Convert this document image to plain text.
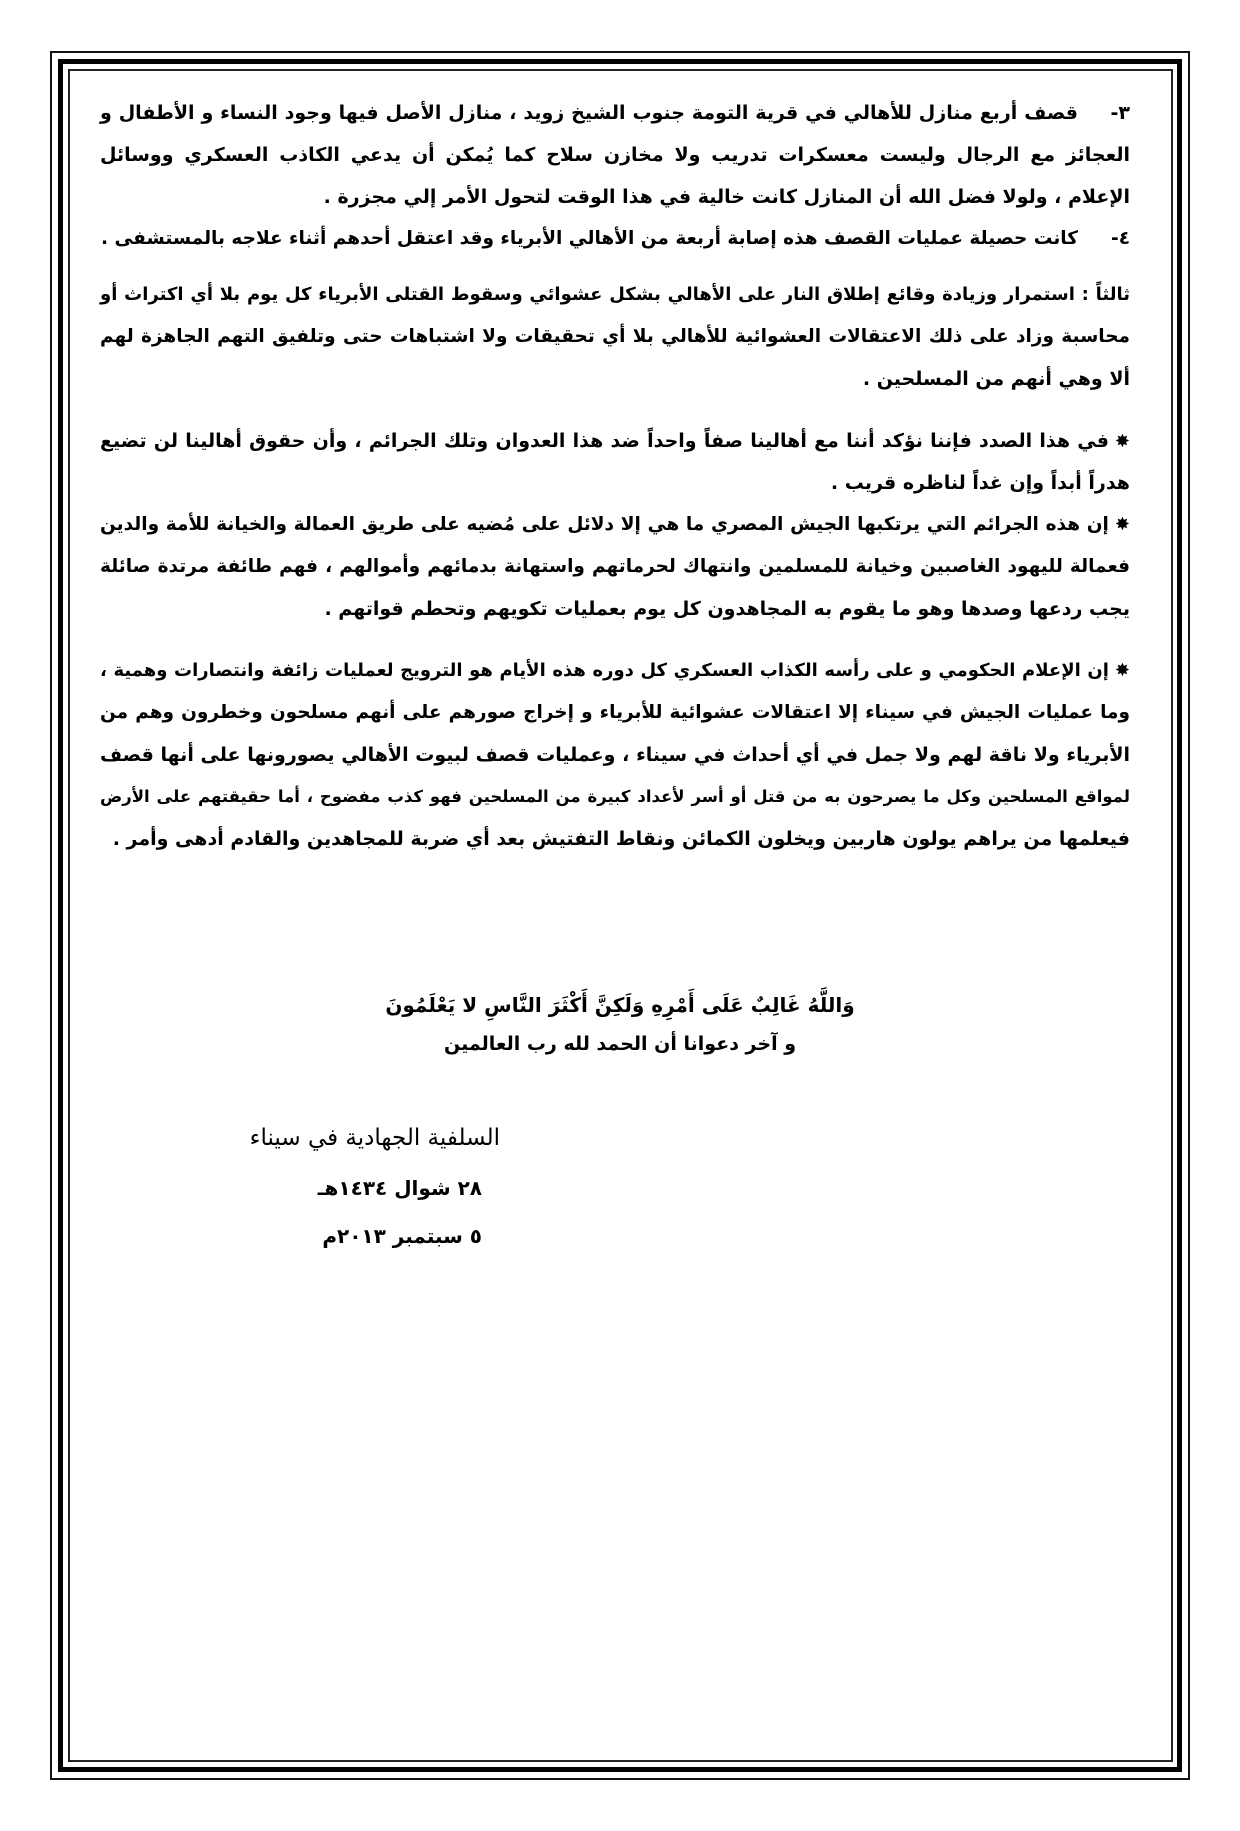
٣-قصف أربع منازل للأهالي في قرية التومة جنوب الشيخ زويد ، منازل الأصل فيها وجود النساء و الأطفال و
العجائز مع الرجال وليست معسكرات تدريب ولا مخازن سلاح كما يُمكن أن يدعي الكاذب العسكري ووسائل
الإعلام ، ولولا فضل الله أن المنازل كانت خالية في هذا الوقت لتحول الأمر إلي مجزرة .
٤-كانت حصيلة عمليات القصف هذه إصابة أربعة من الأهالي الأبرياء وقد اعتقل أحدهم أثناء علاجه بالمستشفى .
ثالثاً : استمرار وزيادة وقائع إطلاق النار على الأهالي بشكل عشوائي وسقوط القتلى الأبرياء كل يوم بلا أي اكتراث أو
محاسبة وزاد على ذلك الاعتقالات العشوائية للأهالي بلا أي تحقيقات ولا اشتباهات حتى وتلفيق التهم الجاهزة لهم
ألا وهي أنهم من المسلحين .
✸في هذا الصدد فإننا نؤكد أننا مع أهالينا صفاً واحداً ضد هذا العدوان وتلك الجرائم ، وأن حقوق أهالينا لن تضيع
هدراً أبداً وإن غداً لناظره قريب .
✸إن هذه الجرائم التي يرتكبها الجيش المصري ما هي إلا دلائل على مُضيه على طريق العمالة والخيانة للأمة والدين
فعمالة لليهود الغاصبين وخيانة للمسلمين وانتهاك لحرماتهم واستهانة بدمائهم وأموالهم ، فهم طائفة مرتدة صائلة
يجب ردعها وصدها وهو ما يقوم به المجاهدون كل يوم بعمليات تكويهم وتحطم قواتهم .
✸إن الإعلام الحكومي و على رأسه الكذاب العسكري كل دوره هذه الأيام هو الترويج لعمليات زائفة وانتصارات وهمية ،
وما عمليات الجيش في سيناء إلا اعتقالات عشوائية للأبرياء و إخراج صورهم على أنهم مسلحون وخطرون وهم من
الأبرياء ولا ناقة لهم ولا جمل في أي أحداث في سيناء ، وعمليات قصف لبيوت الأهالي يصورونها على أنها قصف
لمواقع المسلحين وكل ما يصرحون به من قتل أو أسر لأعداد كبيرة من المسلحين فهو كذب مفضوح ، أما حقيقتهم على الأرض
فيعلمها من يراهم يولون هاربين ويخلون الكمائن ونقاط التفتيش بعد أي ضربة للمجاهدين والقادم أدهى وأمر .
وَاللَّهُ غَالِبٌ عَلَى أَمْرِهِ وَلَكِنَّ أَكْثَرَ النَّاسِ لا يَعْلَمُونَ
و آخر دعوانا أن الحمد لله رب العالمين
السلفية الجهادية في سيناء
٢٨ شوال ١٤٣٤هـ
٥ سبتمبر ٢٠١٣م
